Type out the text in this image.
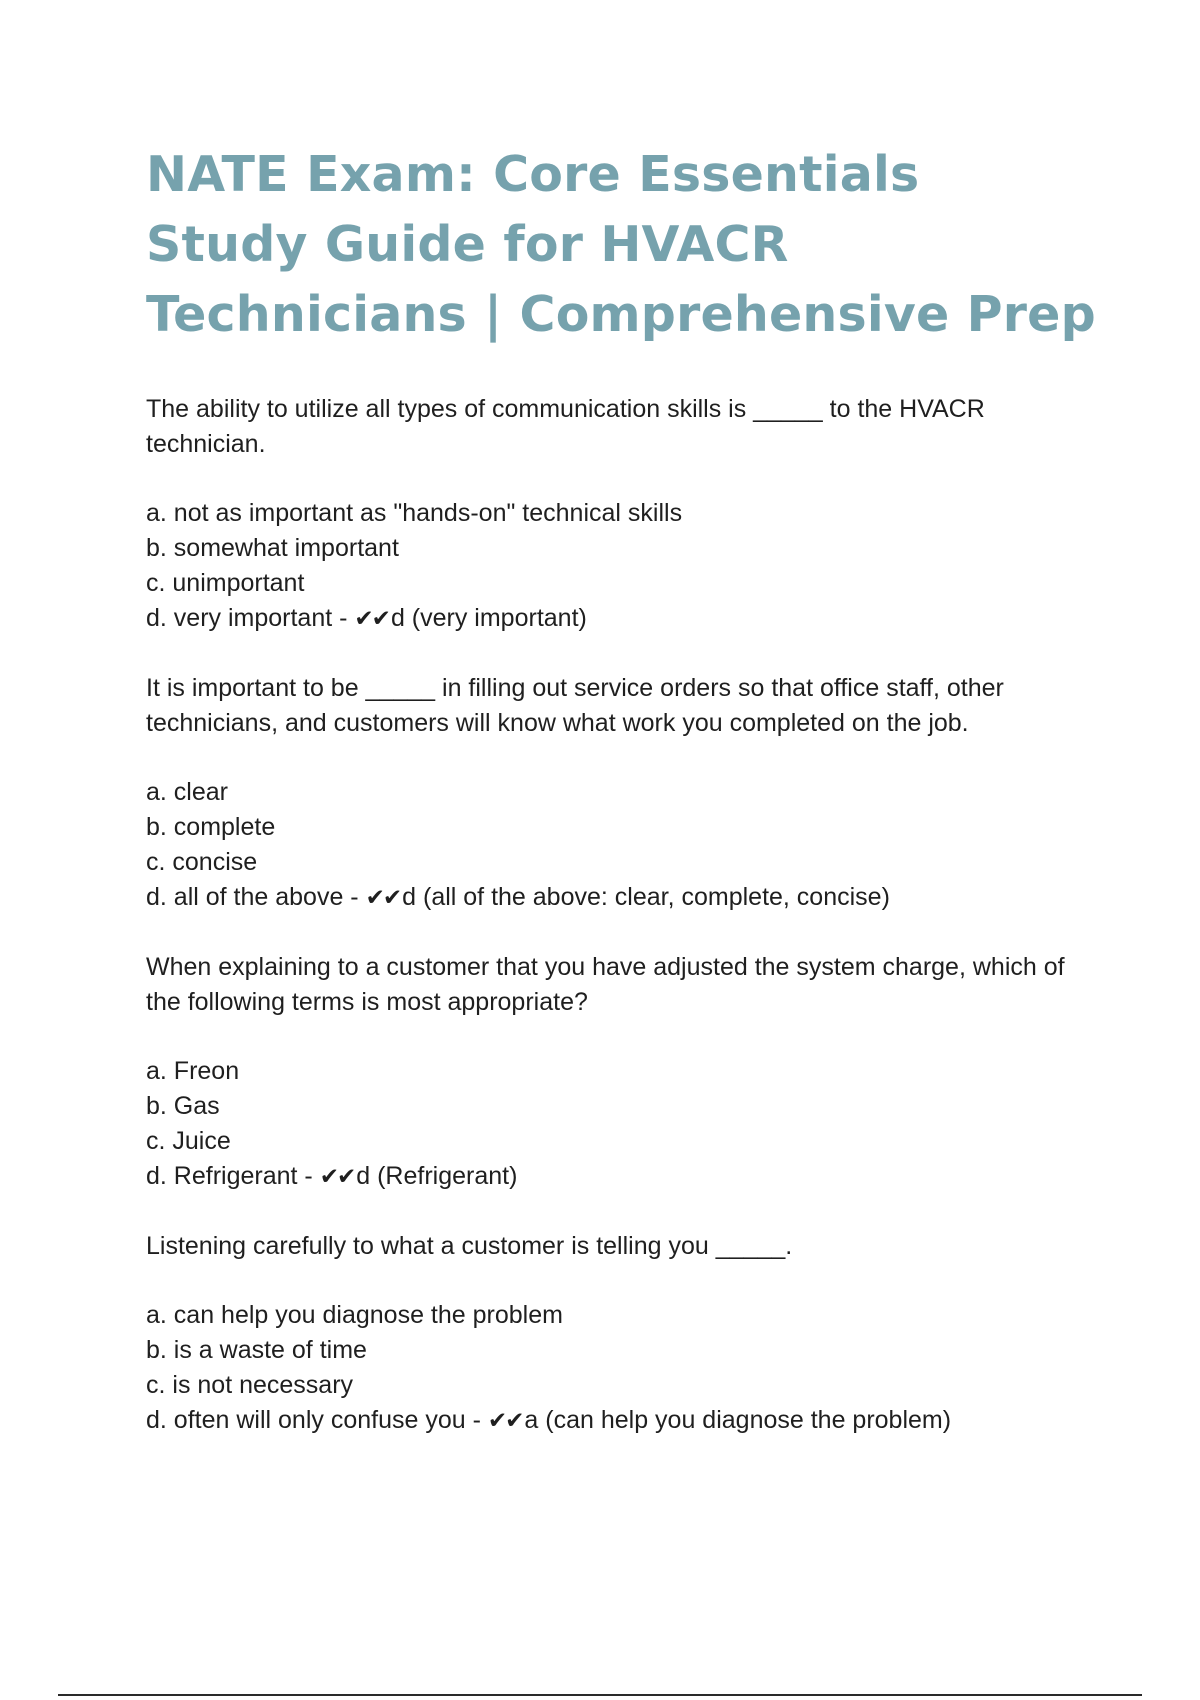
NATE Exam: Core Essentials Study Guide for HVACR Technicians | Comprehensive Prep

The ability to utilize all types of communication skills is _____ to the HVACR technician.

a. not as important as "hands-on" technical skills
b. somewhat important
c. unimportant
d. very important - ✔✔d (very important)

It is important to be _____ in filling out service orders so that office staff, other technicians, and customers will know what work you completed on the job.

a. clear
b. complete
c. concise
d. all of the above - ✔✔d (all of the above: clear, complete, concise)

When explaining to a customer that you have adjusted the system charge, which of the following terms is most appropriate?

a. Freon
b. Gas
c. Juice
d. Refrigerant - ✔✔d (Refrigerant)

Listening carefully to what a customer is telling you _____.

a. can help you diagnose the problem
b. is a waste of time
c. is not necessary
d. often will only confuse you - ✔✔a (can help you diagnose the problem)
